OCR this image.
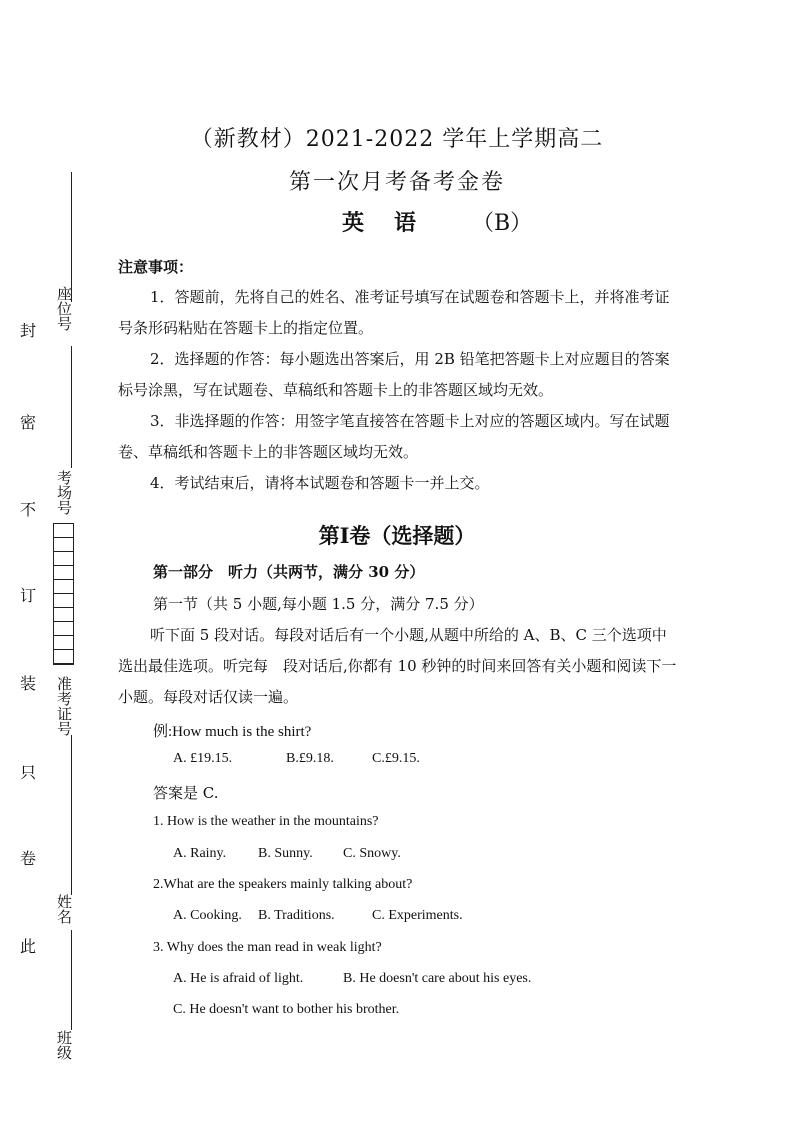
座位号
考场号
准考证号
姓名
班级
封
密
不
订
装
只
卷
此
（新教材）2021-2022 学年上学期高二
第一次月考备考金卷
英语 （B）
注意事项：
1．答题前，先将自己的姓名、准考证号填写在试题卷和答题卡上，并将准考证号条形码粘贴在答题卡上的指定位置。
2．选择题的作答：每小题选出答案后，用 2B 铅笔把答题卡上对应题目的答案标号涂黑，写在试题卷、草稿纸和答题卡上的非答题区域均无效。
3．非选择题的作答：用签字笔直接答在答题卡上对应的答题区域内。写在试题卷、草稿纸和答题卡上的非答题区域均无效。
4．考试结束后，请将本试题卷和答题卡一并上交。
第Ⅰ卷（选择题）
第一部分　听力（共两节，满分 30 分）
第一节（共 5 小题,每小题 1.5 分，满分 7.5 分）
听下面 5 段对话。每段对话后有一个小题,从题中所给的 A、B、C 三个选项中选出最佳选项。听完每　段对话后,你都有 10 秒钟的时间来回答有关小题和阅读下一小题。每段对话仅读一遍。
例:How much is the shirt?
A. £19.15.	B.£9.18.	C.£9.15.
答案是 C.
1. How is the weather in the mountains?
A. Rainy. B. Sunny. C. Snowy.
2.What are the speakers mainly talking about?
A. Cooking. B. Traditions.	C. Experiments.
3. Why does the man read in weak light?
A. He is afraid of light.	B. He doesn't care about his eyes.
C. He doesn't want to bother his brother.
